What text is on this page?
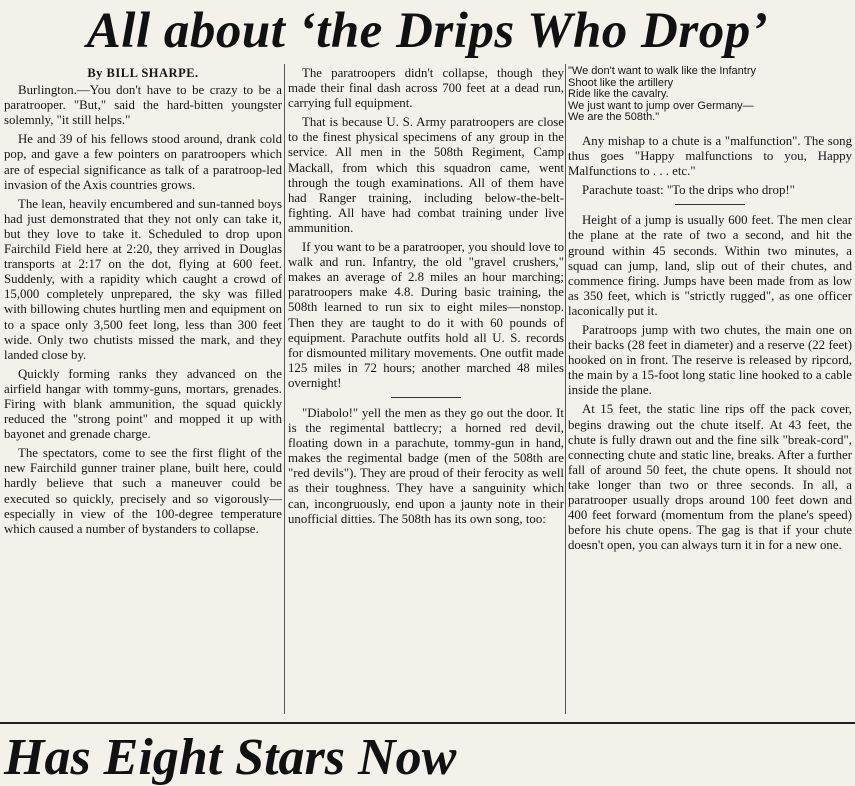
All about ‘the Drips Who Drop’

By BILL SHARPE.

Burlington.—You don't have to be crazy to be a paratrooper. "But," said the hard-bitten youngster solemnly, "it still helps."

He and 39 of his fellows stood around, drank cold pop, and gave a few pointers on paratroopers which are of especial significance as talk of a paratroop-led invasion of the Axis countries grows.

The lean, heavily encumbered and sun-tanned boys had just demonstrated that they not only can take it, but they love to take it. Scheduled to drop upon Fairchild Field here at 2:20, they arrived in Douglas transports at 2:17 on the dot, flying at 600 feet. Suddenly, with a rapidity which caught a crowd of 15,000 completely unprepared, the sky was filled with billowing chutes hurtling men and equipment on to a space only 3,500 feet long, less than 300 feet wide. Only two chutists missed the mark, and they landed close by.

Quickly forming ranks they advanced on the airfield hangar with tommy-guns, mortars, grenades. Firing with blank ammunition, the squad quickly reduced the "strong point" and mopped it up with bayonet and grenade charge.

The spectators, come to see the first flight of the new Fairchild gunner trainer plane, built here, could hardly believe that such a maneuver could be executed so quickly, precisely and so vigorously—especially in view of the 100-degree temperature which caused a number of bystanders to collapse.

The paratroopers didn't collapse, though they made their final dash across 700 feet at a dead run, carrying full equipment.

That is because U. S. Army paratroopers are close to the finest physical specimens of any group in the service. All men in the 508th Regiment, Camp Mackall, from which this squadron came, went through the tough examinations. All of them have had Ranger training, including below-the-belt-fighting. All have had combat training under live ammunition.

If you want to be a paratrooper, you should love to walk and run. Infantry, the old "gravel crushers," makes an average of 2.8 miles an hour marching; paratroopers make 4.8. During basic training, the 508th learned to run six to eight miles—nonstop. Then they are taught to do it with 60 pounds of equipment. Parachute outfits hold all U. S. records for dismounted military movements. One outfit made 125 miles in 72 hours; another marched 48 miles overnight!

"Diabolo!" yell the men as they go out the door. It is the regimental battlecry; a horned red devil, floating down in a parachute, tommy-gun in hand, makes the regimental badge (men of the 508th are "red devils"). They are proud of their ferocity as well as their toughness. They have a sanguinity which can, incongruously, end upon a jaunty note in their unofficial ditties. The 508th has its own song, too:

"We don't want to walk like the Infantry
Shoot like the artillery
Ride like the cavalry.
We just want to jump over Germany—
We are the 508th."

Any mishap to a chute is a "malfunction". The song thus goes "Happy malfunctions to you, Happy Malfunctions to . . . etc."

Parachute toast: "To the drips who drop!"

Height of a jump is usually 600 feet. The men clear the plane at the rate of two a second, and hit the ground within 45 seconds. Within two minutes, a squad can jump, land, slip out of their chutes, and commence firing. Jumps have been made from as low as 350 feet, which is "strictly rugged", as one officer laconically put it.

Paratroops jump with two chutes, the main one on their backs (28 feet in diameter) and a reserve (22 feet) hooked on in front. The reserve is released by ripcord, the main by a 15-foot long static line hooked to a cable inside the plane.

At 15 feet, the static line rips off the pack cover, begins drawing out the chute itself. At 43 feet, the chute is fully drawn out and the fine silk "break-cord", connecting chute and static line, breaks. After a further fall of around 50 feet, the chute opens. It should not take longer than two or three seconds. In all, a paratrooper usually drops around 100 feet down and 400 feet forward (momentum from the plane's speed) before his chute opens. The gag is that if your chute doesn't open, you can always turn it in for a new one.

Has Eight Stars Now
